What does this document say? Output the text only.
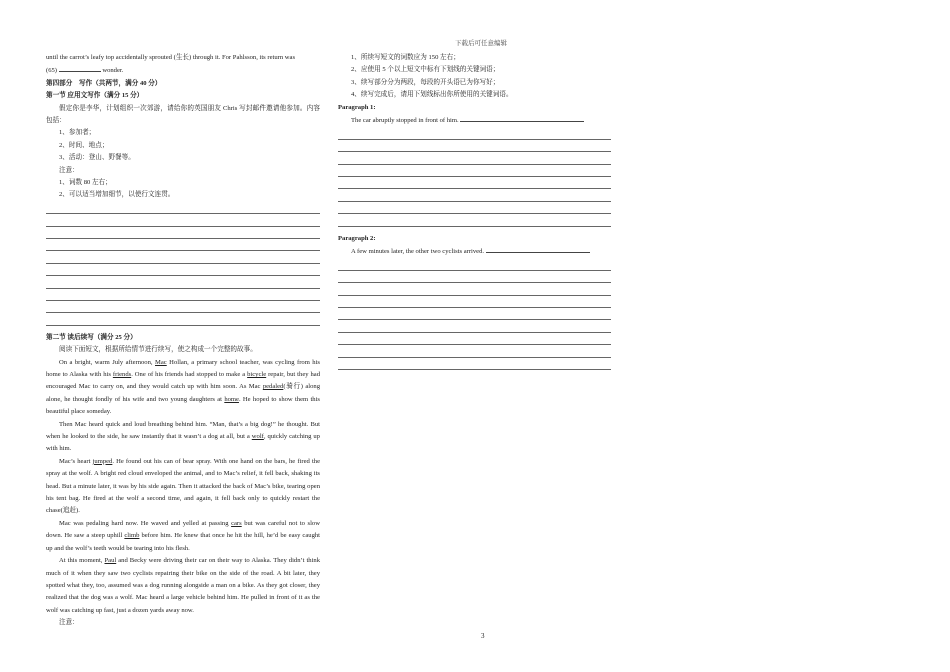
下载后可任意编辑

until the carrot’s leafy top accidentally sprouted (生长) through it. For Pahlsson, its return was

(65)	wonder.

第四部分　写作（共两节，满分 40 分）

第一节 应用文写作（满分 15 分）

假定你是李华，计划组织一次郊游，请给你的英国朋友 Chris 写封邮件邀请他参加。内容包括：

1、参加者；

2、时间、地点；

3、活动：登山、野餐等。

注意：

1、词数 80 左右；

2、可以适当增加细节，以使行文连贯。

第二节 读后续写（满分 25 分）

阅读下面短文，根据所给情节进行续写，使之构成一个完整的故事。

On a bright, warm July afternoon, Mac Hollan, a primary school teacher, was cycling from his home to Alaska with his friends. One of his friends had stopped to make a bicycle repair, but they had encouraged Mac to carry on, and they would catch up with him soon. As Mac pedaled(骑行) along alone, he thought fondly of his wife and two young daughters at home. He hoped to show them this beautiful place someday.

Then Mac heard quick and loud breathing behind him. “Man, that’s a big dog!” he thought. But when he looked to the side, he saw instantly that it wasn’t a dog at all, but a wolf, quickly catching up with him.

Mac’s heart jumped. He found out his can of bear spray. With one hand on the bars, he fired the spray at the wolf. A bright red cloud enveloped the animal, and to Mac’s relief, it fell back, shaking its head. But a minute later, it was by his side again. Then it attacked the back of Mac’s bike, tearing open his tent bag. He fired at the wolf a second time, and again, it fell back only to quickly restart the chase(追赶).

Mac was pedaling hard now. He waved and yelled at passing cars but was careful not to slow down. He saw a steep uphill climb before him. He knew that once he hit the hill, he’d be easy caught up and the wolf’s teeth would be tearing into his flesh.

At this moment, Paul and Becky were driving their car on their way to Alaska. They didn’t think much of it when they saw two cyclists repairing their bike on the side of the road. A bit later, they spotted what they, too, assumed was a dog running alongside a man on a bike. As they got closer, they realized that the dog was a wolf. Mac heard a large vehicle behind him. He pulled in front of it as the wolf was catching up fast, just a dozen yards away now.

注意：

1、所续写短文的词数应为 150 左右；

2、应使用 5 个以上短文中标有下划线的关键词语；

3、续写部分分为两段，每段的开头语已为你写好；

4、续写完成后，请用下划线标出你所使用的关键词语。

Paragraph 1:

The car abruptly stopped in front of him.

Paragraph 2:

A few minutes later, the other two cyclists arrived.

3
